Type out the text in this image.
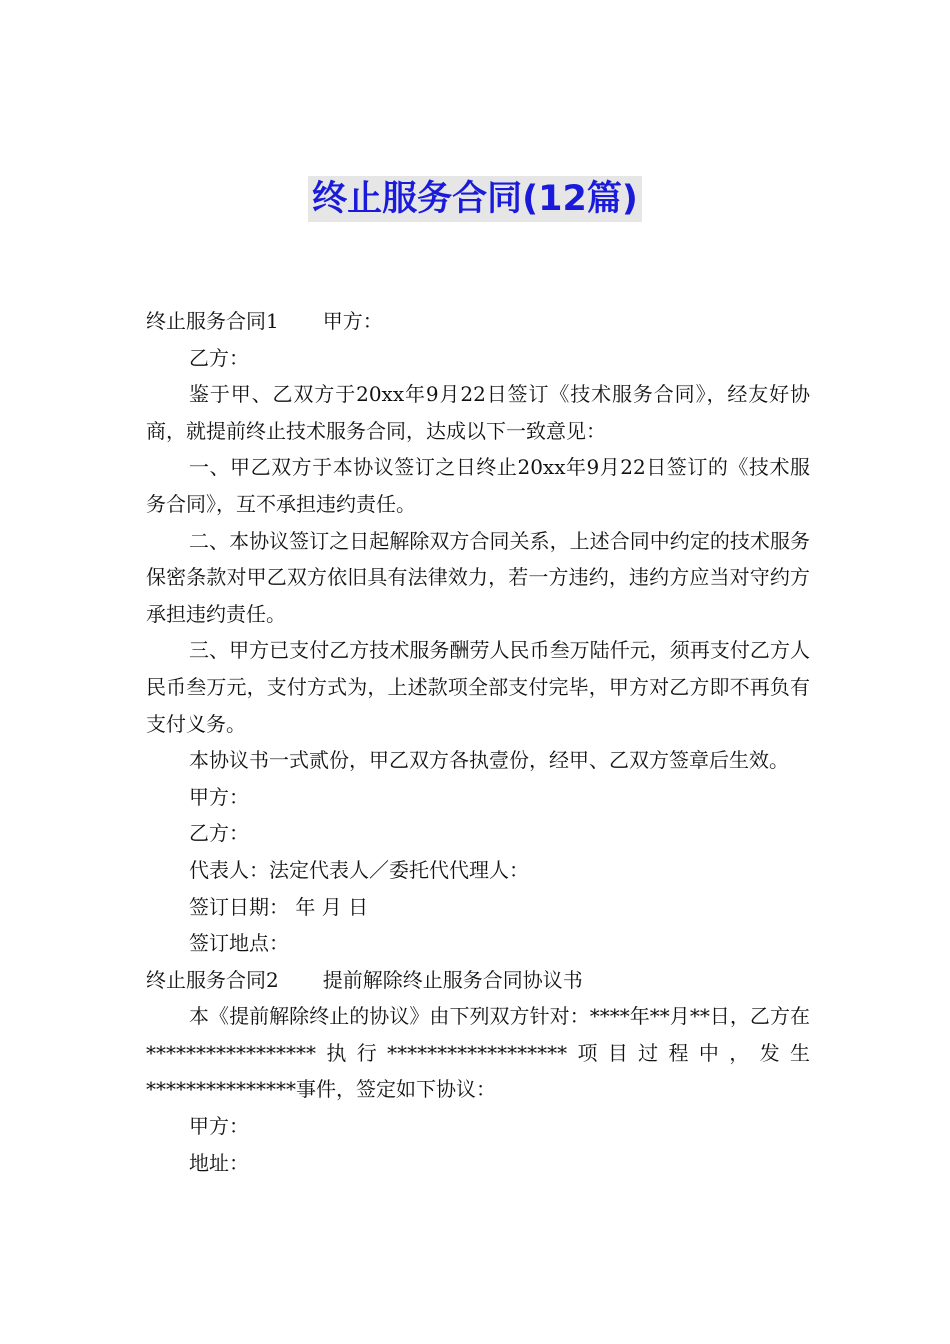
终止服务合同(12篇)

终止服务合同1 甲方：

乙方：

鉴于甲、乙双方于20xx年9月22日签订《技术服务合同》，经友好协商，就提前终止技术服务合同，达成以下一致意见：

一、甲乙双方于本协议签订之日终止20xx年9月22日签订的《技术服务合同》，互不承担违约责任。

二、本协议签订之日起解除双方合同关系，上述合同中约定的技术服务保密条款对甲乙双方依旧具有法律效力，若一方违约，违约方应当对守约方承担违约责任。

三、甲方已支付乙方技术服务酬劳人民币叁万陆仟元，须再支付乙方人民币叁万元，支付方式为，上述款项全部支付完毕，甲方对乙方即不再负有支付义务。

本协议书一式贰份，甲乙双方各执壹份，经甲、乙双方签章后生效。

甲方：

乙方：

代表人：法定代表人／委托代代理人：

签订日期： 年 月 日

签订地点：

终止服务合同2 提前解除终止服务合同协议书

本《提前解除终止的协议》由下列双方针对：****年**月**日，乙方在*****************执行******************项目过程中，发生***************事件，签定如下协议：

甲方：

地址：
